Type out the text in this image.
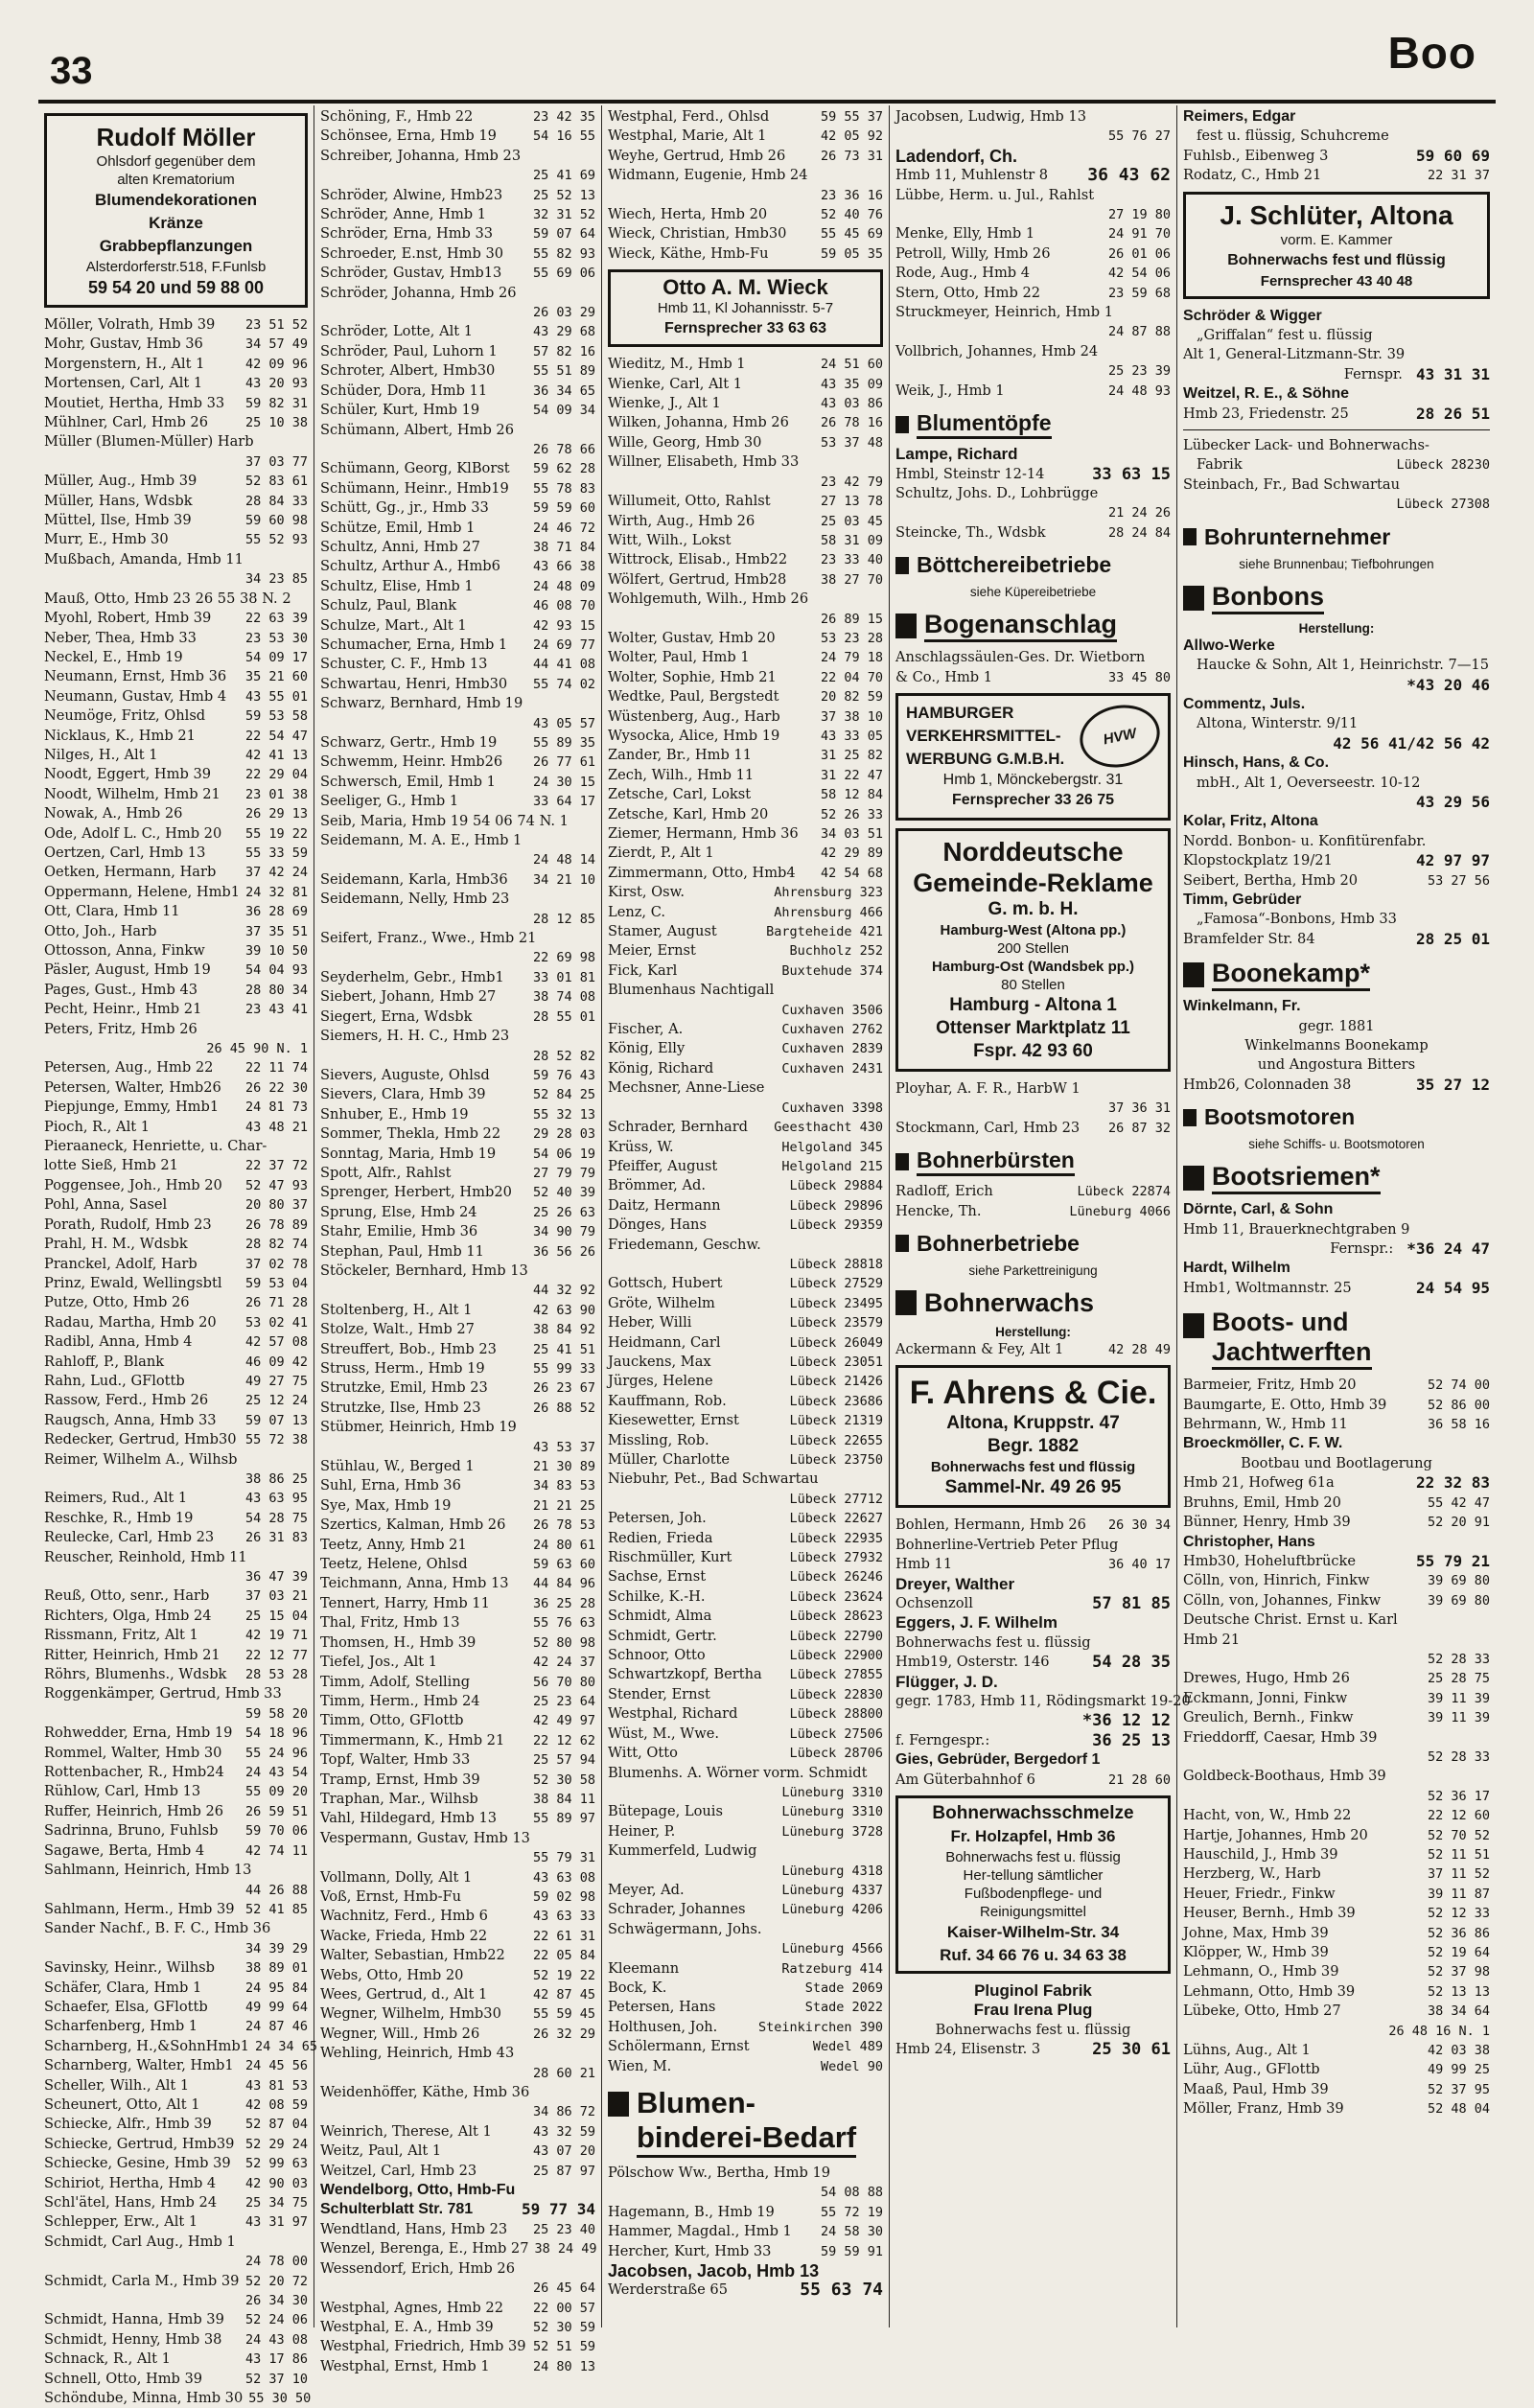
33	Boo
Rudolf Möller
Ohlsdorf gegenüber dem
alten Krematorium
Blumendekorationen
Kränze
Grabbepflanzungen
Alsterdorferstr.518, F.Funlsb
59 54 20 und 59 88 00
Möller, Volrath, Hmb 39	23 51 52
Mohr, Gustav, Hmb 36	34 57 49
Morgenstern, H., Alt 1	42 09 96
Mortensen, Carl, Alt 1	43 20 93
Moutiet, Hertha, Hmb 33	59 82 31
Mühlner, Carl, Hmb 26	25 10 38
Müller (Blumen-Müller) Harb
37 03 77
Müller, Aug., Hmb 39	52 83 61
Müller, Hans, Wdsbk	28 84 33
Müttel, Ilse, Hmb 39	59 60 98
Murr, E., Hmb 30	55 52 93
Mußbach, Amanda, Hmb 11
34 23 85
Mauß, Otto, Hmb 23 26 55 38 N. 2
Myohl, Robert, Hmb 39	22 63 39
Neber, Thea, Hmb 33	23 53 30
Neckel, E., Hmb 19	54 09 17
Neumann, Ernst, Hmb 36	35 21 60
Neumann, Gustav, Hmb 4	43 55 01
Neumöge, Fritz, Ohlsd	59 53 58
Nicklaus, K., Hmb 21	22 54 47
Nilges, H., Alt 1	42 41 13
Noodt, Eggert, Hmb 39	22 29 04
Noodt, Wilhelm, Hmb 21	23 01 38
Nowak, A., Hmb 26	26 29 13
Ode, Adolf L. C., Hmb 20	55 19 22
Oertzen, Carl, Hmb 13	55 33 59
Oetken, Hermann, Harb	37 42 24
Oppermann, Helene, Hmb1 24 32 81
Ott, Clara, Hmb 11	36 28 69
Otto, Joh., Harb	37 35 51
Ottosson, Anna, Finkw	39 10 50
Päsler, August, Hmb 19	54 04 93
Pages, Gust., Hmb 43	28 80 34
Pecht, Heinr., Hmb 21	23 43 41
Peters, Fritz, Hmb 26
26 45 90 N. 1
Petersen, Aug., Hmb 22	22 11 74
Petersen, Walter, Hmb26	26 22 30
Piepjunge, Emmy, Hmb1	24 81 73
Pioch, R., Alt 1	43 48 21
Pieraaneck, Henriette, u. Char-
lotte Sieß, Hmb 21	22 37 72
Poggensee, Joh., Hmb 20	52 47 93
Pohl, Anna, Sasel	20 80 37
Porath, Rudolf, Hmb 23	26 78 89
Prahl, H. M., Wdsbk	28 82 74
Pranckel, Adolf, Harb	37 02 78
Prinz, Ewald, Wellingsbtl	59 53 04
Putze, Otto, Hmb 26	26 71 28
Radau, Martha, Hmb 20	53 02 41
Radibl, Anna, Hmb 4	42 57 08
Rahloff, P., Blank	46 09 42
Rahn, Lud., GFlottb	49 27 75
Rassow, Ferd., Hmb 26	25 12 24
Raugsch, Anna, Hmb 33	59 07 13
Redecker, Gertrud, Hmb30 55 72 38
Reimer, Wilhelm A., Wilhsb
38 86 25
Reimers, Rud., Alt 1	43 63 95
Reschke, R., Hmb 19	54 28 75
Reulecke, Carl, Hmb 23	26 31 83
Reuscher, Reinhold, Hmb 11
36 47 39
Reuß, Otto, senr., Harb	37 03 21
Richters, Olga, Hmb 24	25 15 04
Rissmann, Fritz, Alt 1	42 19 71
Ritter, Heinrich, Hmb 21	22 12 77
Röhrs, Blumenhs., Wdsbk	28 53 28
Roggenkämper, Gertrud, Hmb 33
59 58 20
Rohwedder, Erna, Hmb 19	54 18 96
Rommel, Walter, Hmb 30	55 24 96
Rottenbacher, R., Hmb24	24 43 54
Rühlow, Carl, Hmb 13	55 09 20
Ruffer, Heinrich, Hmb 26	26 59 51
Sadrinna, Bruno, Fuhlsb	59 70 06
Sagawe, Berta, Hmb 4	42 74 11
Sahlmann, Heinrich, Hmb 13
44 26 88
Sahlmann, Herm., Hmb 39 52 41 85
Sander Nachf., B. F. C., Hmb 36
34 39 29
Savinsky, Heinr., Wilhsb	38 89 01
Schäfer, Clara, Hmb 1	24 95 84
Schaefer, Elsa, GFlottb	49 99 64
Scharfenberg, Hmb 1	24 87 46
Scharnberg, H.,&SohnHmb1 24 34 65
Scharnberg, Walter, Hmb1 24 45 56
Scheller, Wilh., Alt 1	43 81 53
Scheunert, Otto, Alt 1	42 08 59
Schiecke, Alfr., Hmb 39	52 87 04
Schiecke, Gertrud, Hmb39 52 29 24
Schiecke, Gesine, Hmb 39	52 99 63
Schiriot, Hertha, Hmb 4	42 90 03
Schl'ätel, Hans, Hmb 24	25 34 75
Schlepper, Erw., Alt 1	43 31 97
Schmidt, Carl Aug., Hmb 1
24 78 00
Schmidt, Carla M., Hmb 39 52 20 72
26 34 30
Schmidt, Hanna, Hmb 39	52 24 06
Schmidt, Henny, Hmb 38	24 43 08
Schnack, R., Alt 1	43 17 86
Schnell, Otto, Hmb 39	52 37 10
Schöndube, Minna, Hmb 30 55 30 50
Schöning, F., Hmb 22	23 42 35
Schönsee, Erna, Hmb 19	54 16 55
Schreiber, Johanna, Hmb 23
25 41 69
Schröder, Alwine, Hmb23	25 52 13
Schröder, Anne, Hmb 1	32 31 52
Schröder, Erna, Hmb 33	59 07 64
Schroeder, E.nst, Hmb 30	55 82 93
Schröder, Gustav, Hmb13	55 69 06
Schröder, Johanna, Hmb 26
26 03 29
Schröder, Lotte, Alt 1	43 29 68
Schröder, Paul, Luhorn 1	57 82 16
Schroter, Albert, Hmb30	55 51 89
Schüder, Dora, Hmb 11	36 34 65
Schüler, Kurt, Hmb 19	54 09 34
Schümann, Albert, Hmb 26
26 78 66
Schümann, Georg, KlBorst	59 62 28
Schümann, Heinr., Hmb19	55 78 83
Schütt, Gg., jr., Hmb 33	59 59 60
Schütze, Emil, Hmb 1	24 46 72
Schultz, Anni, Hmb 27	38 71 84
Schultz, Arthur A., Hmb6	43 66 38
Schultz, Elise, Hmb 1	24 48 09
Schulz, Paul, Blank	46 08 70
Schulze, Mart., Alt 1	42 93 15
Schumacher, Erna, Hmb 1	24 69 77
Schuster, C. F., Hmb 13	44 41 08
Schwartau, Henri, Hmb30	55 74 02
Schwarz, Bernhard, Hmb 19
43 05 57
Schwarz, Gertr., Hmb 19	55 89 35
Schwemm, Heinr. Hmb26	26 77 61
Schwersch, Emil, Hmb 1	24 30 15
Seeliger, G., Hmb 1	33 64 17
Seib, Maria, Hmb 19 54 06 74 N. 1
Seidemann, M. A. E., Hmb 1
24 48 14
Seidemann, Karla, Hmb36	34 21 10
Seidemann, Nelly, Hmb 23
28 12 85
Seifert, Franz., Wwe., Hmb 21
22 69 98
Seyderhelm, Gebr., Hmb1	33 01 81
Siebert, Johann, Hmb 27	38 74 08
Siegert, Erna, Wdsbk	28 55 01
Siemers, H. H. C., Hmb 23
28 52 82
Sievers, Auguste, Ohlsd	59 76 43
Sievers, Clara, Hmb 39	52 84 25
Snhuber, E., Hmb 19	55 32 13
Sommer, Thekla, Hmb 22	29 28 03
Sonntag, Maria, Hmb 19	54 06 19
Spott, Alfr., Rahlst	27 79 79
Sprenger, Herbert, Hmb20	52 40 39
Sprung, Else, Hmb 24	25 26 63
Stahr, Emilie, Hmb 36	34 90 79
Stephan, Paul, Hmb 11	36 56 26
Stöckeler, Bernhard, Hmb 13
44 32 92
Stoltenberg, H., Alt 1	42 63 90
Stolze, Walt., Hmb 27	38 84 92
Streuffert, Bob., Hmb 23	25 41 51
Struss, Herm., Hmb 19	55 99 33
Strutzke, Emil, Hmb 23	26 23 67
Strutzke, Ilse, Hmb 23	26 88 52
Stübmer, Heinrich, Hmb 19
43 53 37
Stühlau, W., Berged 1	21 30 89
Suhl, Erna, Hmb 36	34 83 53
Sye, Max, Hmb 19	21 21 25
Szertics, Kalman, Hmb 26	26 78 53
Teetz, Anny, Hmb 21	24 80 61
Teetz, Helene, Ohlsd	59 63 60
Teichmann, Anna, Hmb 13	44 84 96
Tennert, Harry, Hmb 11	36 25 28
Thal, Fritz, Hmb 13	55 76 63
Thomsen, H., Hmb 39	52 80 98
Tiefel, Jos., Alt 1	42 24 37
Timm, Adolf, Stelling	56 70 80
Timm, Herm., Hmb 24	25 23 64
Timm, Otto, GFlottb	42 49 97
Timmermann, K., Hmb 21	22 12 62
Topf, Walter, Hmb 33	25 57 94
Tramp, Ernst, Hmb 39	52 30 58
Traphan, Mar., Wilhsb	38 84 11
Vahl, Hildegard, Hmb 13	55 89 97
Vespermann, Gustav, Hmb 13
55 79 31
Vollmann, Dolly, Alt 1	43 63 08
Voß, Ernst, Hmb-Fu	59 02 98
Wachnitz, Ferd., Hmb 6	43 63 33
Wacke, Frieda, Hmb 22	22 61 31
Walter, Sebastian, Hmb22	22 05 84
Webs, Otto, Hmb 20	52 19 22
Wees, Gertrud, d., Alt 1	42 87 45
Wegner, Wilhelm, Hmb30	55 59 45
Wegner, Will., Hmb 26	26 32 29
Wehling, Heinrich, Hmb 43
28 60 21
Weidenhöffer, Käthe, Hmb 36
34 86 72
Weinrich, Therese, Alt 1	43 32 59
Weitz, Paul, Alt 1	43 07 20
Weitzel, Carl, Hmb 23	25 87 97
Wendelborg, Otto, Hmb-Fu
Schulterblatt Str. 781	59 77 34
Wendtland, Hans, Hmb 23	25 23 40
Wenzel, Berenga, E., Hmb 27 38 24 49
Wessendorf, Erich, Hmb 26
26 45 64
Westphal, Agnes, Hmb 22	22 00 57
Westphal, E. A., Hmb 39	52 30 59
Westphal, Friedrich, Hmb 39 52 51 59
Westphal, Ernst, Hmb 1	24 80 13
Westphal, Ferd., Ohlsd	59 55 37
Westphal, Marie, Alt 1	42 05 92
Weyhe, Gertrud, Hmb 26	26 73 31
Widmann, Eugenie, Hmb 24
23 36 16
Wiech, Herta, Hmb 20	52 40 76
Wieck, Christian, Hmb30	55 45 69
Wieck, Käthe, Hmb-Fu	59 05 35
Otto A. M. Wieck
Hmb 11, Kl Johannisstr. 5-7
Fernsprecher 33 63 63
Wieditz, M., Hmb 1	24 51 60
Wienke, Carl, Alt 1	43 35 09
Wienke, J., Alt 1	43 03 86
Wilken, Johanna, Hmb 26	26 78 16
Wille, Georg, Hmb 30	53 37 48
Willner, Elisabeth, Hmb 33
23 42 79
Willumeit, Otto, Rahlst	27 13 78
Wirth, Aug., Hmb 26	25 03 45
Witt, Wilh., Lokst	58 31 09
Wittrock, Elisab., Hmb22	23 33 40
Wölfert, Gertrud, Hmb28	38 27 70
Wohlgemuth, Wilh., Hmb 26
26 89 15
Wolter, Gustav, Hmb 20	53 23 28
Wolter, Paul, Hmb 1	24 79 18
Wolter, Sophie, Hmb 21	22 04 70
Wedtke, Paul, Bergstedt	20 82 59
Wüstenberg, Aug., Harb	37 38 10
Wysocka, Alice, Hmb 19	43 33 05
Zander, Br., Hmb 11	31 25 82
Zech, Wilh., Hmb 11	31 22 47
Zetsche, Carl, Lokst	58 12 84
Zetsche, Karl, Hmb 20	52 26 33
Ziemer, Hermann, Hmb 36	34 03 51
Zierdt, P., Alt 1	42 29 89
Zimmermann, Otto, Hmb4	42 54 68
Kirst, Osw.	Ahrensburg 323
Lenz, C.	Ahrensburg 466
Stamer, August	Bargteheide 421
Meier, Ernst	Buchholz 252
Fick, Karl	Buxtehude 374
Blumenhaus Nachtigall
Cuxhaven 3506
Fischer, A.	Cuxhaven 2762
König, Elly	Cuxhaven 2839
König, Richard	Cuxhaven 2431
Mechsner, Anne-Liese
Cuxhaven 3398
Schrader, Bernhard	Geesthacht 430
Krüss, W.	Helgoland 345
Pfeiffer, August	Helgoland 215
Brömmer, Ad.	Lübeck 29884
Daitz, Hermann	Lübeck 29896
Dönges, Hans	Lübeck 29359
Friedemann, Geschw.
Lübeck 28818
Gottsch, Hubert	Lübeck 27529
Gröte, Wilhelm	Lübeck 23495
Heber, Willi	Lübeck 23579
Heidmann, Carl	Lübeck 26049
Jauckens, Max	Lübeck 23051
Jürges, Helene	Lübeck 21426
Kauffmann, Rob.	Lübeck 23686
Kiesewetter, Ernst	Lübeck 21319
Missling, Rob.	Lübeck 22655
Müller, Charlotte	Lübeck 23750
Niebuhr, Pet., Bad Schwartau
Lübeck 27712
Petersen, Joh.	Lübeck 22627
Redien, Frieda	Lübeck 22935
Rischmüller, Kurt	Lübeck 27932
Sachse, Ernst	Lübeck 26246
Schilke, K.-H.	Lübeck 23624
Schmidt, Alma	Lübeck 28623
Schmidt, Gertr.	Lübeck 22790
Schnoor, Otto	Lübeck 22900
Schwartzkopf, Bertha	Lübeck 27855
Stender, Ernst	Lübeck 22830
Westphal, Richard	Lübeck 28800
Wüst, M., Wwe.	Lübeck 27506
Witt, Otto	Lübeck 28706
Blumenhs. A. Wörner vorm. Schmidt
Lüneburg 3310
Bütepage, Louis	Lüneburg 3310
Heiner, P.	Lüneburg 3728
Kummerfeld, Ludwig
Lüneburg 4318
Meyer, Ad.	Lüneburg 4337
Schrader, Johannes	Lüneburg 4206
Schwägermann, Johs.
Lüneburg 4566
Kleemann	Ratzeburg 414
Bock, K.	Stade 2069
Petersen, Hans	Stade 2022
Holthusen, Joh.	Steinkirchen 390
Schölermann, Ernst	Wedel 489
Wien, M.	Wedel 90
Blumen-
binderei-Bedarf
Pölschow Ww., Bertha, Hmb 19
54 08 88
Hagemann, B., Hmb 19	55 72 19
Hammer, Magdal., Hmb 1	24 58 30
Hercher, Kurt, Hmb 33	59 59 91
Jacobsen, Jacob, Hmb 13
Werderstraße 65	55 63 74
Jacobsen, Ludwig, Hmb 13
55 76 27
Ladendorf, Ch.
Hmb 11, Muhlenstr 8	36 43 62
Lübbe, Herm. u. Jul., Rahlst
27 19 80
Menke, Elly, Hmb 1	24 91 70
Petroll, Willy, Hmb 26	26 01 06
Rode, Aug., Hmb 4	42 54 06
Stern, Otto, Hmb 22	23 59 68
Struckmeyer, Heinrich, Hmb 1
24 87 88
Vollbrich, Johannes, Hmb 24
25 23 39
Weik, J., Hmb 1	24 48 93
Blumentöpfe
Lampe, Richard
Hmbl, Steinstr 12-14	33 63 15
Schultz, Johs. D., Lohbrügge
21 24 26
Steincke, Th., Wdsbk	28 24 84
Böttchereibetriebe
siehe Küpereibetriebe
Bogenanschlag
Anschlagssäulen-Ges. Dr. Wietborn
& Co., Hmb 1	33 45 80
HAMBURGER
VERKEHRSMITTEL-
WERBUNG G.M.B.H.
HVW
Hmb 1, Mönckebergstr. 31
Fernsprecher 33 26 75
Norddeutsche
Gemeinde-Reklame
G. m. b. H.
Hamburg-West (Altona pp.)
200 Stellen
Hamburg-Ost (Wandsbek pp.)
80 Stellen
Hamburg - Altona 1
Ottenser Marktplatz 11
Fspr. 42 93 60
Ployhar, A. F. R., HarbW 1
37 36 31
Stockmann, Carl, Hmb 23	26 87 32
Bohnerbürsten
Radloff, Erich	Lübeck 22874
Hencke, Th.	Lüneburg 4066
Bohnerbetriebe
siehe Parkettreinigung
Bohnerwachs
Herstellung:
Ackermann & Fey, Alt 1	42 28 49
F. Ahrens & Cie.
Altona, Kruppstr. 47
Begr. 1882
Bohnerwachs fest und flüssig
Sammel-Nr. 49 26 95
Bohlen, Hermann, Hmb 26	26 30 34
Bohnerline-Vertrieb Peter Pflug
Hmb 11	36 40 17
Dreyer, Walther
Ochsenzoll	57 81 85
Eggers, J. F. Wilhelm
Bohnerwachs fest u. flüssig
Hmb19, Osterstr. 146	54 28 35
Flügger, J. D.
gegr. 1783, Hmb 11, Rödingsmarkt 19-20
*36 12 12
f. Ferngespr.:	36 25 13
Gies, Gebrüder, Bergedorf 1
Am Güterbahnhof 6	21 28 60
Bohnerwachsschmelze
Fr. Holzapfel, Hmb 36
Bohnerwachs fest u. flüssig
Her-tellung sämtlicher
Fußbodenpflege- und
Reinigungsmittel
Kaiser-Wilhelm-Str. 34
Ruf. 34 66 76 u. 34 63 38
Pluginol Fabrik
Frau Irena Plug
Bohnerwachs fest u. flüssig
Hmb 24, Elisenstr. 3	25 30 61
Reimers, Edgar
fest u. flüssig, Schuhcreme
Fuhlsb., Eibenweg 3	59 60 69
Rodatz, C., Hmb 21	22 31 37
J. Schlüter, Altona
vorm. E. Kammer
Bohnerwachs fest und flüssig
Fernsprecher 43 40 48
Schröder & Wigger
„Griffalan“ fest u. flüssig
Alt 1, General-Litzmann-Str. 39
Fernspr. 43 31 31
Weitzel, R. E., & Söhne
Hmb 23, Friedenstr. 25	28 26 51
Lübecker Lack- und Bohnerwachs-
Fabrik	Lübeck 28230
Steinbach, Fr., Bad Schwartau
Lübeck 27308
Bohrunternehmer
siehe Brunnenbau; Tiefbohrungen
Bonbons
Herstellung:
Allwo-Werke
Haucke & Sohn, Alt 1, Heinrichstr. 7—15
*43 20 46
Commentz, Juls.
Altona, Winterstr. 9/11
42 56 41/42 56 42
Hinsch, Hans, & Co.
mbH., Alt 1, Oeverseestr. 10-12
43 29 56
Kolar, Fritz, Altona
Nordd. Bonbon- u. Konfitürenfabr.
Klopstockplatz 19/21	42 97 97
Seibert, Bertha, Hmb 20	53 27 56
Timm, Gebrüder
„Famosa“-Bonbons, Hmb 33
Bramfelder Str. 84	28 25 01
Boonekamp*
Winkelmann, Fr.
gegr. 1881
Winkelmanns Boonekamp
und Angostura Bitters
Hmb26, Colonnaden 38	35 27 12
Bootsmotoren
siehe Schiffs- u. Bootsmotoren
Bootsriemen*
Dörnte, Carl, & Sohn
Hmb 11, Brauerknechtgraben 9
Fernspr.: *36 24 47
Hardt, Wilhelm
Hmb1, Woltmannstr. 25	24 54 95
Boots- und
Jachtwerften
Barmeier, Fritz, Hmb 20	52 74 00
Baumgarte, E. Otto, Hmb 39	52 86 00
Behrmann, W., Hmb 11	36 58 16
Broeckmöller, C. F. W.
Bootbau und Bootlagerung
Hmb 21, Hofweg 61a	22 32 83
Bruhns, Emil, Hmb 20	55 42 47
Bünner, Henry, Hmb 39	52 20 91
Christopher, Hans
Hmb30, Hoheluftbrücke	55 79 21
Cölln, von, Hinrich, Finkw	39 69 80
Cölln, von, Johannes, Finkw	39 69 80
Deutsche Christ. Ernst u. Karl
Hmb 21
52 28 33
Drewes, Hugo, Hmb 26	25 28 75
Eckmann, Jonni, Finkw	39 11 39
Greulich, Bernh., Finkw	39 11 39
Frieddorff, Caesar, Hmb 39
52 28 33
Goldbeck-Boothaus, Hmb 39
52 36 17
Hacht, von, W., Hmb 22	22 12 60
Hartje, Johannes, Hmb 20	52 70 52
Hauschild, J., Hmb 39	52 11 51
Herzberg, W., Harb	37 11 52
Heuer, Friedr., Finkw	39 11 87
Heuser, Bernh., Hmb 39	52 12 33
Johne, Max, Hmb 39	52 36 86
Klöpper, W., Hmb 39	52 19 64
Lehmann, O., Hmb 39	52 37 98
Lehmann, Otto, Hmb 39	52 13 13
Lübeke, Otto, Hmb 27	38 34 64
26 48 16 N. 1
Lühns, Aug., Alt 1	42 03 38
Lühr, Aug., GFlottb	49 99 25
Maaß, Paul, Hmb 39	52 37 95
Möller, Franz, Hmb 39	52 48 04
